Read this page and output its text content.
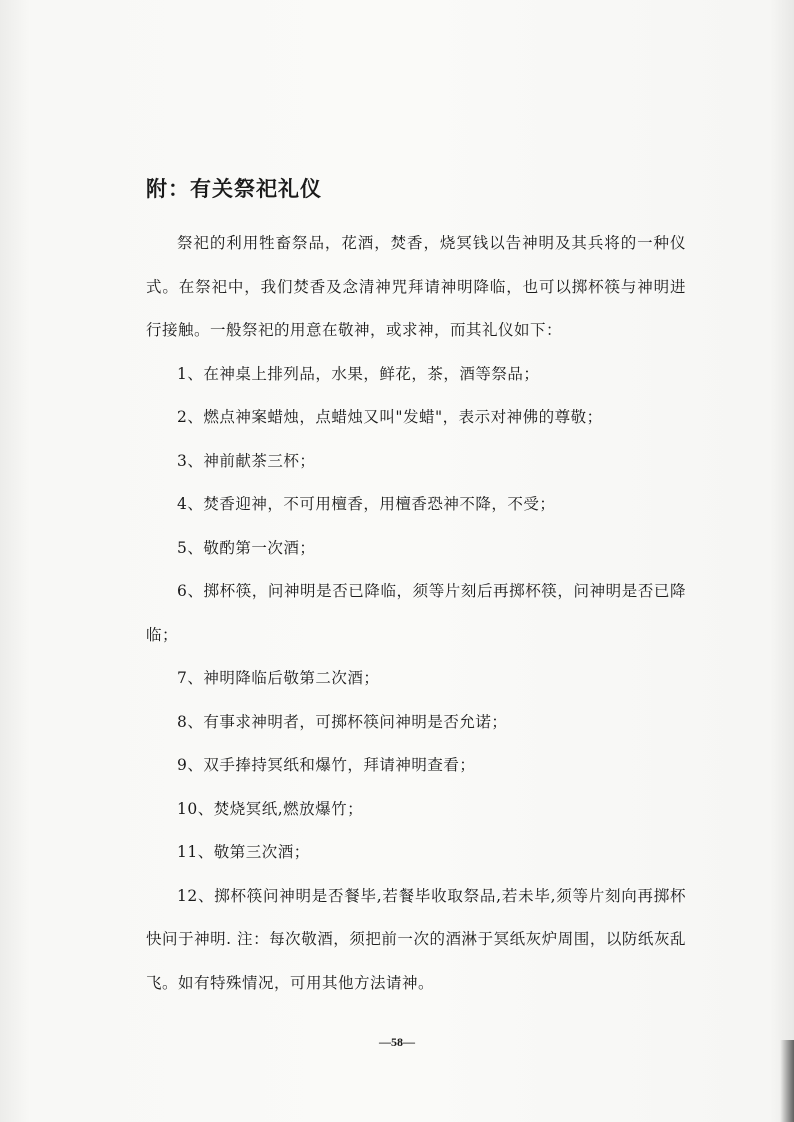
附：有关祭祀礼仪

祭祀的利用牲畜祭品，花酒，焚香，烧冥钱以告神明及其兵将的一种仪式。在祭祀中，我们焚香及念清神咒拜请神明降临，也可以掷杯筷与神明进行接触。一般祭祀的用意在敬神，或求神，而其礼仪如下：

1、在神桌上排列品，水果，鲜花，茶，酒等祭品；

2、燃点神案蜡烛，点蜡烛又叫"发蜡"，表示对神佛的尊敬；

3、神前献茶三杯；

4、焚香迎神，不可用檀香，用檀香恐神不降，不受；

5、敬酌第一次酒；

6、掷杯筷，问神明是否已降临，须等片刻后再掷杯筷，问神明是否已降临；

7、神明降临后敬第二次酒；

8、有事求神明者，可掷杯筷问神明是否允诺；

9、双手捧持冥纸和爆竹，拜请神明查看；

10、焚烧冥纸,燃放爆竹；

11、敬第三次酒；

12、掷杯筷问神明是否餐毕,若餐毕收取祭品,若未毕,须等片刻向再掷杯快问于神明. 注：每次敬酒，须把前一次的酒淋于冥纸灰炉周围，以防纸灰乱飞。如有特殊情况，可用其他方法请神。

—58—
